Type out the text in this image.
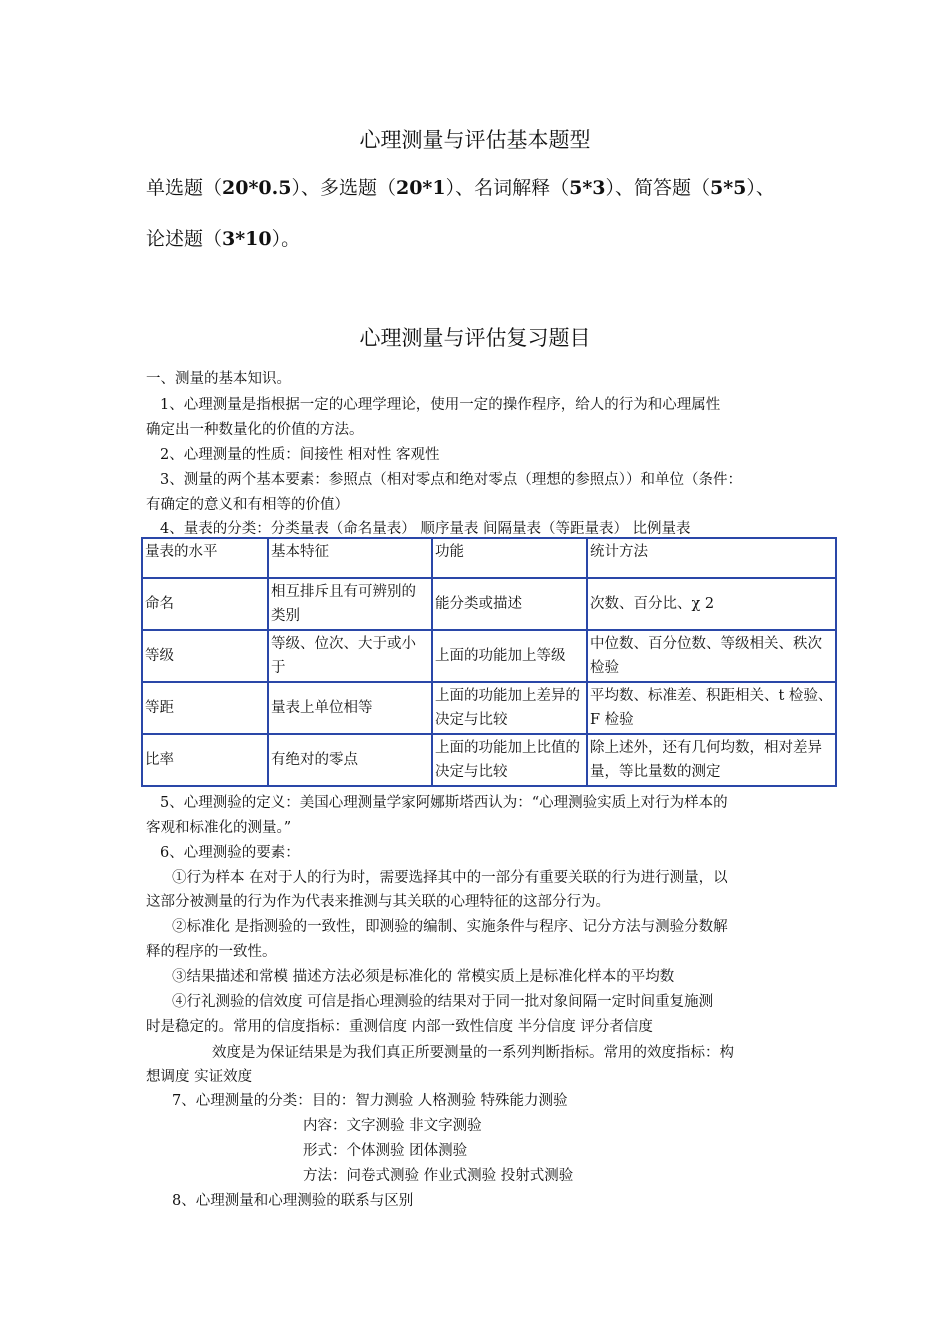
心理测量与评估基本题型
单选题（20*0.5）、多选题（20*1）、名词解释（5*3）、简答题（5*5）、
论述题（3*10）。
心理测量与评估复习题目
一、测量的基本知识。
1、心理测量是指根据一定的心理学理论，使用一定的操作程序，给人的行为和心理属性
确定出一种数量化的价值的方法。
2、心理测量的性质：间接性 相对性 客观性
3、测量的两个基本要素：参照点（相对零点和绝对零点（理想的参照点））和单位（条件：
有确定的意义和有相等的价值）
4、量表的分类：分类量表（命名量表） 顺序量表 间隔量表（等距量表） 比例量表
量表的水平	基本特征	功能	统计方法
命名	相互排斥且有可辨别的类别	能分类或描述	次数、百分比、χ 2
等级	等级、位次、大于或小于	上面的功能加上等级	中位数、百分位数、等级相关、秩次检验
等距	量表上单位相等	上面的功能加上差异的决定与比较	平均数、标准差、积距相关、t 检验、F 检验
比率	有绝对的零点	上面的功能加上比值的决定与比较	除上述外，还有几何均数，相对差异量，等比量数的测定
5、心理测验的定义：美国心理测量学家阿娜斯塔西认为：“心理测验实质上对行为样本的
客观和标准化的测量。”
6、心理测验的要素：
①行为样本 在对于人的行为时，需要选择其中的一部分有重要关联的行为进行测量，以
这部分被测量的行为作为代表来推测与其关联的心理特征的这部分行为。
②标准化 是指测验的一致性，即测验的编制、实施条件与程序、记分方法与测验分数解
释的程序的一致性。
③结果描述和常模 描述方法必须是标准化的 常模实质上是标准化样本的平均数
④行礼测验的信效度 可信是指心理测验的结果对于同一批对象间隔一定时间重复施测
时是稳定的。常用的信度指标：重测信度 内部一致性信度 半分信度 评分者信度
效度是为保证结果是为我们真正所要测量的一系列判断指标。常用的效度指标：构
想调度 实证效度
7、心理测量的分类：目的：智力测验 人格测验 特殊能力测验
内容：文字测验 非文字测验
形式：个体测验 团体测验
方法：问卷式测验 作业式测验 投射式测验
8、心理测量和心理测验的联系与区别
